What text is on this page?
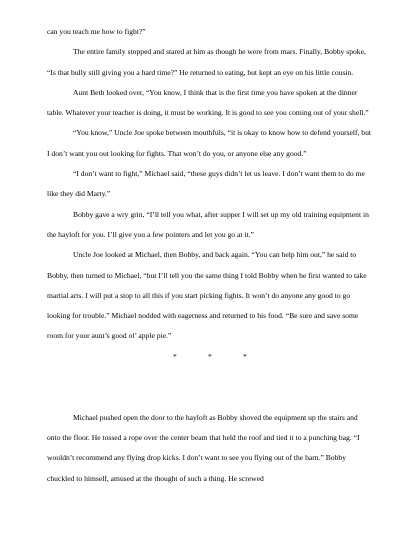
can you teach me how to fight?”

The entire family stopped and stared at him as though he were from mars. Finally, Bobby spoke, “Is that bully still giving you a hard time?” He returned to eating, but kept an eye on his little cousin.

Aunt Beth looked over, “You know, I think that is the first time you have spoken at the dinner table. Whatever your teacher is doing, it must be working. It is good to see you coming out of your shell.”

“You know,” Uncle Joe spoke between mouthfuls, “it is okay to know how to defend yourself, but I don’t want you out looking for fights. That won’t do you, or anyone else any good.”

“I don’t want to fight,” Michael said, “these guys didn’t let us leave. I don’t want them to do me like they did Marty.”

Bobby gave a wry grin, “I’ll tell you what, after supper I will set up my old training equipment in the hayloft for you. I’ll give you a few pointers and let you go at it.”

Uncle Joe looked at Michael, then Bobby, and back again. “You can help him out,” he said to Bobby, then turned to Michael, “but I’ll tell you the same thing I told Bobby when he first wanted to take martial arts. I will put a stop to all this if you start picking fights. It won’t do anyone any good to go looking for trouble.” Michael nodded with eagerness and returned to his food. “Be sure and save some room for your aunt’s good ol’ apple pie.”

*	*	*

Michael pushed open the door to the hayloft as Bobby shoved the equipment up the stairs and onto the floor. He tossed a rope over the center beam that held the roof and tied it to a punching bag. “I wouldn’t recommend any flying drop kicks. I don’t want to see you flying out of the barn.” Bobby chuckled to himself, amused at the thought of such a thing. He screwed
